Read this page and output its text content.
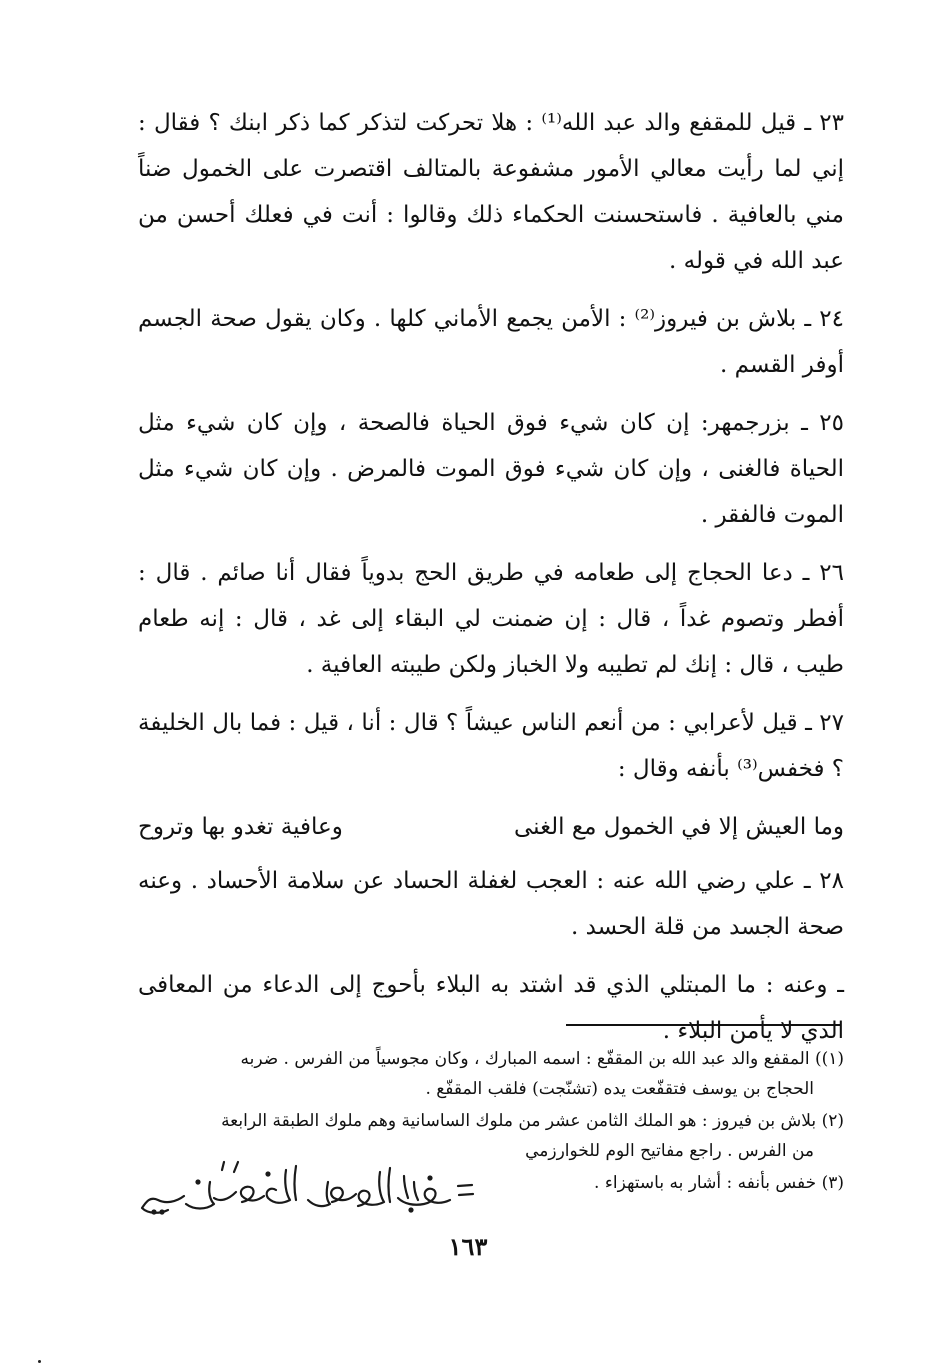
٢٣ ـ قيل للمقفع والد عبد الله⁽¹⁾ : هلا تحركت لتذكر كما ذكر ابنك ؟ فقال : إني لما رأيت معالي الأمور مشفوعة بالمتالف اقتصرت على الخمول ضناً مني بالعافية . فاستحسنت الحكماء ذلك وقالوا : أنت في فعلك أحسن من عبد الله في قوله .

٢٤ ـ بلاش بن فيروز⁽²⁾ : الأمن يجمع الأماني كلها . وكان يقول صحة الجسم أوفر القسم .

٢٥ ـ بزرجمهر: إن كان شيء فوق الحياة فالصحة ، وإن كان شيء مثل الحياة فالغنى ، وإن كان شيء فوق الموت فالمرض . وإن كان شيء مثل الموت فالفقر .

٢٦ ـ دعا الحجاج إلى طعامه في طريق الحج بدوياً فقال أنا صائم . قال : أفطر وتصوم غداً ، قال : إن ضمنت لي البقاء إلى غد ، قال : إنه طعام طيب ، قال : إنك لم تطيبه ولا الخباز ولكن طيبته العافية .

٢٧ ـ قيل لأعرابي : من أنعم الناس عيشاً ؟ قال : أنا ، قيل : فما بال الخليفة ؟ فخفس⁽³⁾ بأنفه وقال :

وما العيش إلا في الخمول مع الغنى
وعافية تغدو بها وتروح

٢٨ ـ علي رضي الله عنه : العجب لغفلة الحساد عن سلامة الأحساد . وعنه صحة الجسد من قلة الحسد .

ـ وعنه : ما المبتلي الذي قد اشتد به البلاء بأحوج إلى الدعاء من المعافى الذي لا يأمن البلاء .

(١)) المقفع والد عبد الله بن المقفّع : اسمه المبارك ، وكان مجوسياً من الفرس . ضربه
الحجاج بن يوسف فتقفّعت يده (تشنّجت) فلقب المقفّع .
(٢) بلاش بن فيروز : هو الملك الثامن عشر من ملوك الساسانية وهم ملوك الطبقة الرابعة
من الفرس . راجع مفاتيح الوم للخوارزمي
(٣) خفس بأنفه : أشار به باستهزاء .
= مفاتيح العلوم للخوارزمي
١٦٣
